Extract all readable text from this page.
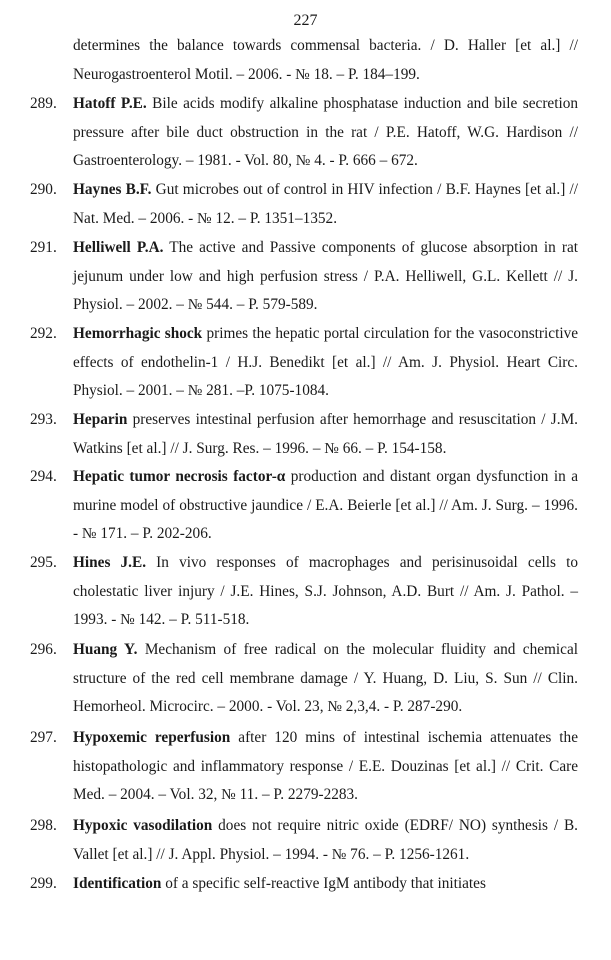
227
determines the balance towards commensal bacteria. / D. Haller [et al.] // Neurogastroenterol Motil. – 2006. - № 18. – P. 184–199.
289.	Hatoff P.E. Bile acids modify alkaline phosphatase induction and bile secretion pressure after bile duct obstruction in the rat / P.E. Hatoff, W.G. Hardison // Gastroenterology. – 1981. - Vol. 80, № 4. - P. 666 – 672.
290.	Haynes B.F. Gut microbes out of control in HIV infection / B.F. Haynes [et al.] // Nat. Med. – 2006. - № 12. – P. 1351–1352.
291.	Helliwell P.A. The active and Passive components of glucose absorption in rat jejunum under low and high perfusion stress / P.A. Helliwell, G.L. Kellett // J. Physiol. – 2002. – № 544. – P. 579-589.
292.	Hemorrhagic shock primes the hepatic portal circulation for the vasoconstrictive effects of endothelin-1 / H.J. Benedikt [et al.] // Am. J. Physiol. Heart Circ. Physiol. – 2001. – № 281. –P. 1075-1084.
293.	Heparin preserves intestinal perfusion after hemorrhage and resuscitation / J.M. Watkins [et al.] // J. Surg. Res. – 1996. – № 66. – P. 154-158.
294.	Hepatic tumor necrosis factor-α production and distant organ dysfunction in a murine model of obstructive jaundice / E.A. Beierle [et al.] // Am. J. Surg. – 1996. - № 171. – P. 202-206.
295.	Hines J.E. In vivo responses of macrophages and perisinusoidal cells to cholestatic liver injury / J.E. Hines, S.J. Johnson, A.D. Burt // Am. J. Pathol. – 1993. - № 142. – P. 511-518.
296.	Huang Y. Mechanism of free radical on the molecular fluidity and chemical structure of the red cell membrane damage / Y. Huang, D. Liu, S. Sun // Clin. Hemorheol. Microcirc. – 2000. - Vol. 23, № 2,3,4. - P. 287-290.
297.	Hypoxemic reperfusion after 120 mins of intestinal ischemia attenuates the histopathologic and inflammatory response / E.E. Douzinas [et al.] // Crit. Care Med. – 2004. – Vol. 32, № 11. – P. 2279-2283.
298.	Hypoxic vasodilation does not require nitric oxide (EDRF/ NO) synthesis / B. Vallet [et al.] // J. Appl. Physiol. – 1994. - № 76. – P. 1256-1261.
299.	Identification of a specific self-reactive IgM antibody that initiates
